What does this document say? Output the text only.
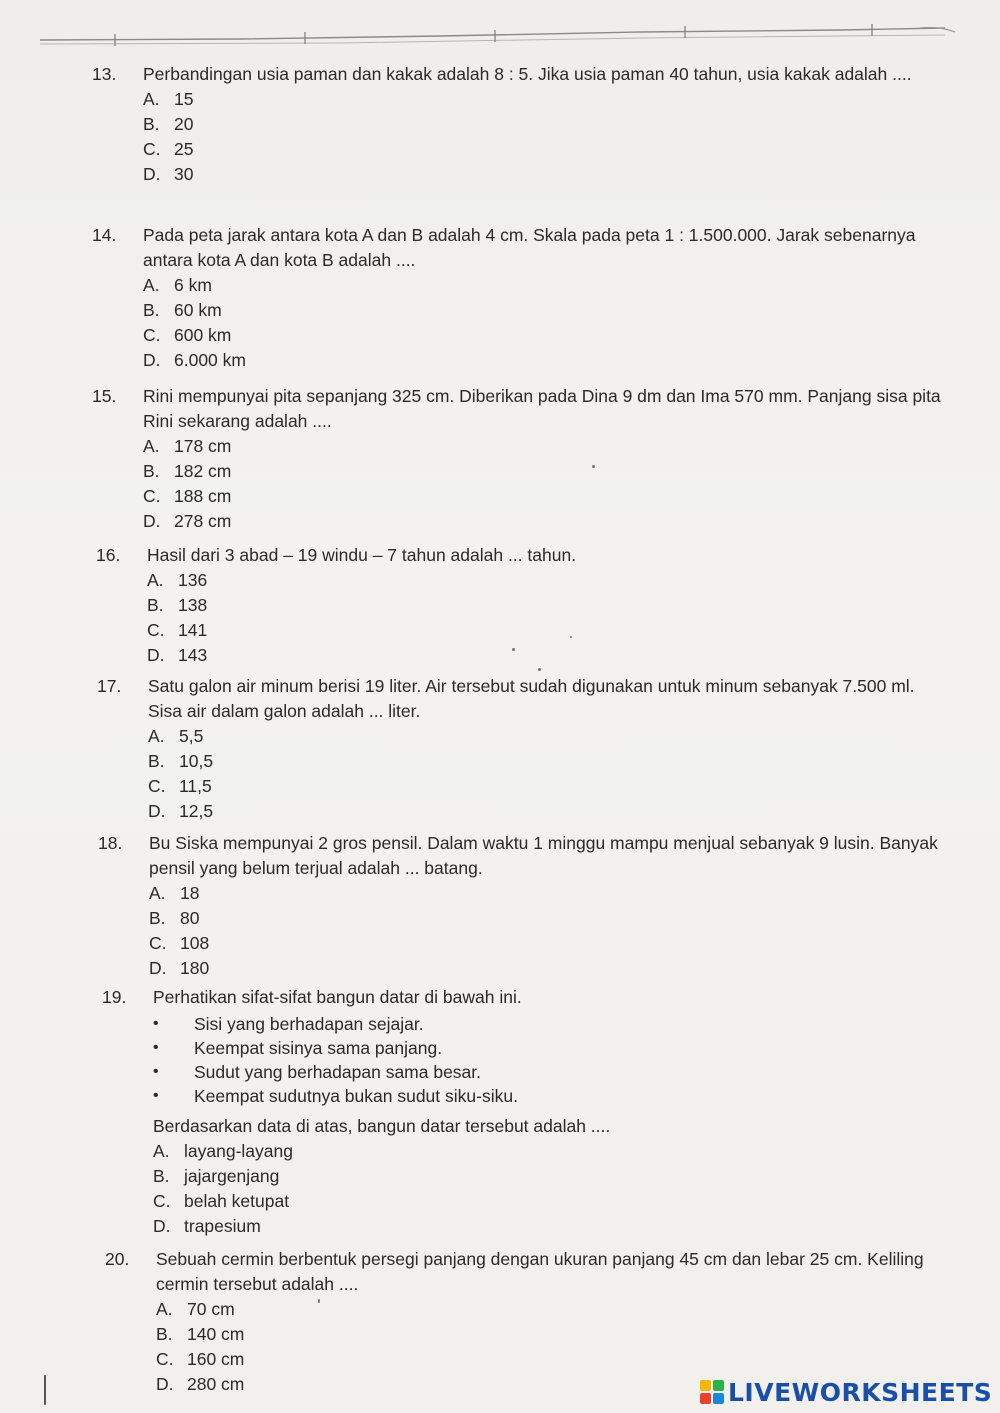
13.	Perbandingan usia paman dan kakak adalah 8 : 5. Jika usia paman 40 tahun, usia kakak adalah ....
A. 15
B. 20
C. 25
D. 30
14.	Pada peta jarak antara kota A dan B adalah 4 cm. Skala pada peta 1 : 1.500.000. Jarak sebenarnya antara kota A dan kota B adalah ....
A. 6 km
B. 60 km
C. 600 km
D. 6.000 km
15.	Rini mempunyai pita sepanjang 325 cm. Diberikan pada Dina 9 dm dan Ima 570 mm. Panjang sisa pita Rini sekarang adalah ....
A. 178 cm
B. 182 cm
C. 188 cm
D. 278 cm
16.	Hasil dari 3 abad – 19 windu – 7 tahun adalah ... tahun.
A. 136
B. 138
C. 141
D. 143
17.	Satu galon air minum berisi 19 liter. Air tersebut sudah digunakan untuk minum sebanyak 7.500 ml. Sisa air dalam galon adalah ... liter.
A. 5,5
B. 10,5
C. 11,5
D. 12,5
18.	Bu Siska mempunyai 2 gros pensil. Dalam waktu 1 minggu mampu menjual sebanyak 9 lusin. Banyak pensil yang belum terjual adalah ... batang.
A. 18
B. 80
C. 108
D. 180
19.	Perhatikan sifat-sifat bangun datar di bawah ini.
•	Sisi yang berhadapan sejajar.
•	Keempat sisinya sama panjang.
•	Sudut yang berhadapan sama besar.
•	Keempat sudutnya bukan sudut siku-siku.
Berdasarkan data di atas, bangun datar tersebut adalah ....
A. layang-layang
B. jajargenjang
C. belah ketupat
D. trapesium
20.	Sebuah cermin berbentuk persegi panjang dengan ukuran panjang 45 cm dan lebar 25 cm. Keliling cermin tersebut adalah ....
A. 70 cm
B. 140 cm
C. 160 cm
D. 280 cm	LIVEWORKSHEETS
